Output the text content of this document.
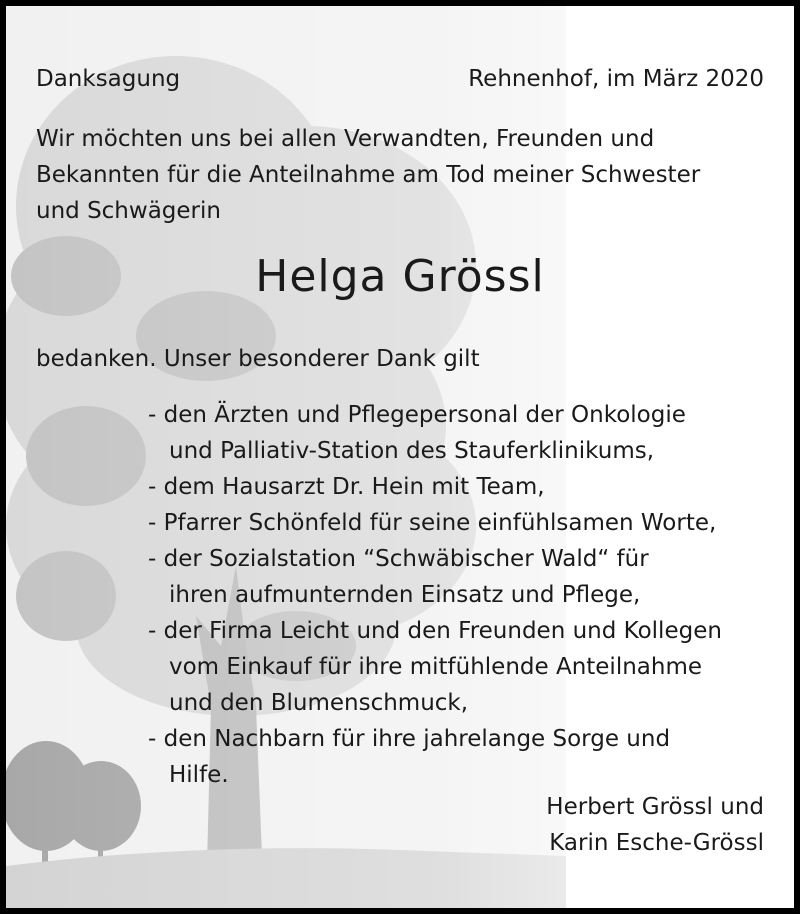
Danksagung	Rehnenhof, im März 2020
Wir möchten uns bei allen Verwandten, Freunden und
Bekannten für die Anteilnahme am Tod meiner Schwester
und Schwägerin
Helga Grössl
bedanken. Unser besonderer Dank gilt
- den Ärzten und Pflegepersonal der Onkologie
und Palliativ-Station des Stauferklinikums,
- dem Hausarzt Dr. Hein mit Team,
- Pfarrer Schönfeld für seine einfühlsamen Worte,
- der Sozialstation “Schwäbischer Wald“ für
ihren aufmunternden Einsatz und Pflege,
- der Firma Leicht und den Freunden und Kollegen
vom Einkauf für ihre mitfühlende Anteilnahme
und den Blumenschmuck,
- den Nachbarn für ihre jahrelange Sorge und
Hilfe.
Herbert Grössl und
Karin Esche-Grössl
